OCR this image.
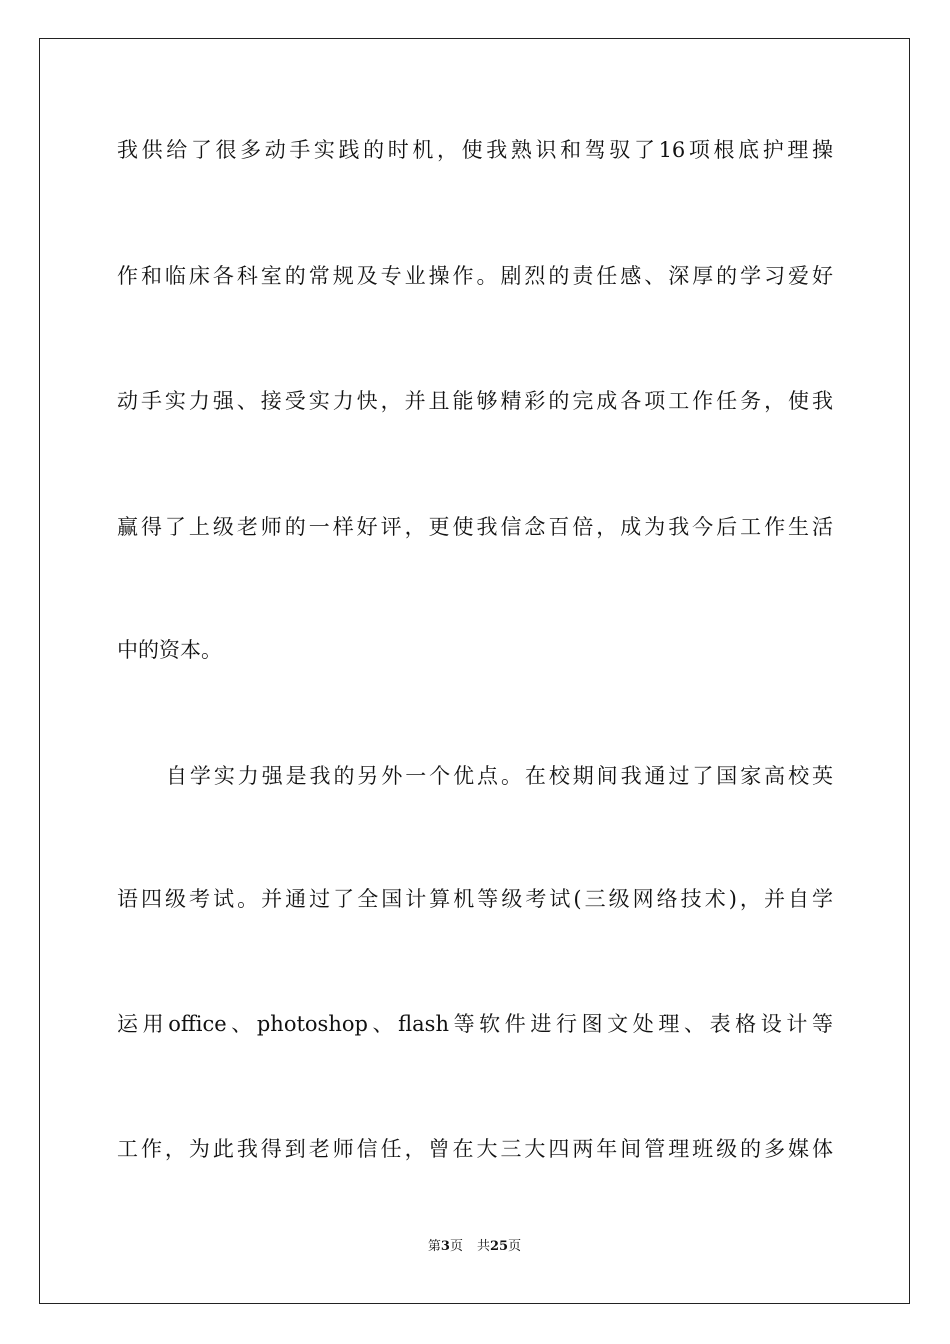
我供给了很多动手实践的时机，使我熟识和驾驭了16项根底护理操
作和临床各科室的常规及专业操作。剧烈的责任感、深厚的学习爱好
动手实力强、接受实力快，并且能够精彩的完成各项工作任务，使我
赢得了上级老师的一样好评，更使我信念百倍，成为我今后工作生活
中的资本。
自学实力强是我的另外一个优点。在校期间我通过了国家高校英
语四级考试。并通过了全国计算机等级考试(三级网络技术)，并自学
运用office、photoshop、flash等软件进行图文处理、表格设计等
工作，为此我得到老师信任，曾在大三大四两年间管理班级的多媒体
第3页 共25页
